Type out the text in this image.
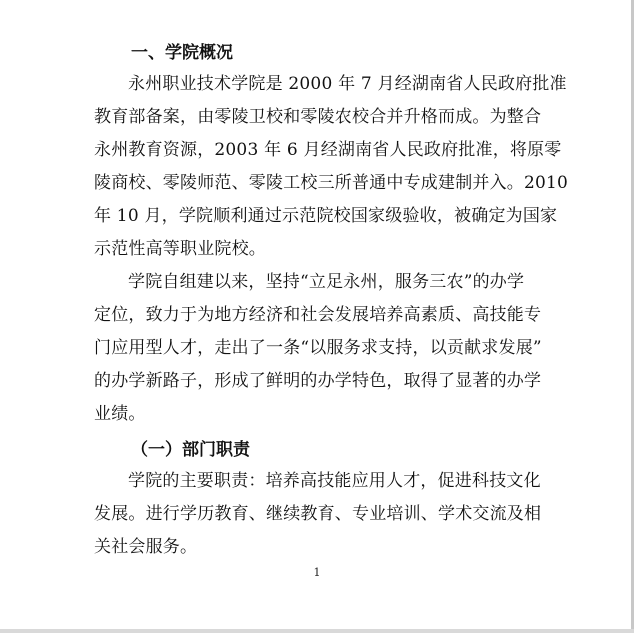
一、学院概况
永州职业技术学院是 2000 年 7 月经湖南省人民政府批准
教育部备案，由零陵卫校和零陵农校合并升格而成。为整合
永州教育资源，2003 年 6 月经湖南省人民政府批准，将原零
陵商校、零陵师范、零陵工校三所普通中专成建制并入。2010
年 10 月，学院顺利通过示范院校国家级验收，被确定为国家
示范性高等职业院校。
学院自组建以来，坚持“立足永州，服务三农”的办学
定位，致力于为地方经济和社会发展培养高素质、高技能专
门应用型人才，走出了一条“以服务求支持，以贡献求发展”
的办学新路子，形成了鲜明的办学特色，取得了显著的办学
业绩。
（一）部门职责
学院的主要职责：培养高技能应用人才，促进科技文化
发展。进行学历教育、继续教育、专业培训、学术交流及相
关社会服务。
1
